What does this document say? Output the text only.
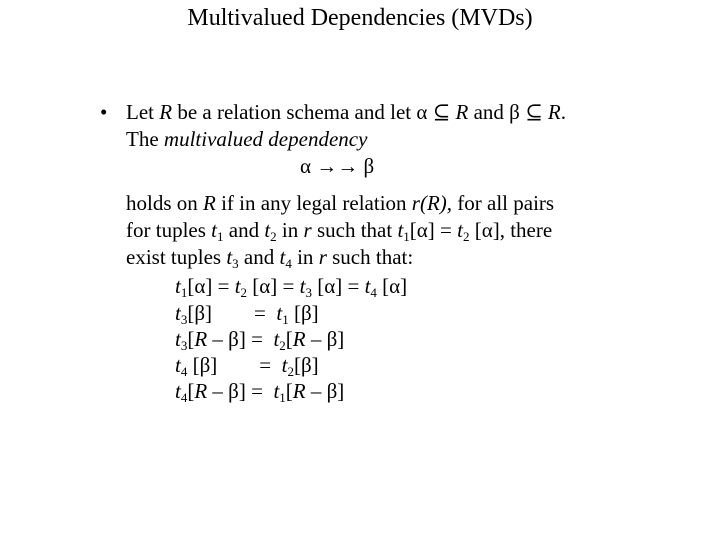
Multivalued Dependencies (MVDs)
• Let R be a relation schema and let α ⊆ R and β ⊆ R.
The multivalued dependency
α →→ β
holds on R if in any legal relation r(R), for all pairs
for tuples $t_1$ and $t_2$ in r such that $t_1[\alpha] = t_2$ [α], there
exist tuples $t_3$ and $t_4$ in r such that:
$t_1[\alpha] = t_2$ $[\alpha] = t_3$ $[\alpha] = t_4$ [α]
$t_3[\beta]$        =  $t_1$ [β]
$t_3[R - \beta] = t_2[R - \beta]$
$t_4$ [β]        =  $t_2[\beta]$
$t_4[R - \beta] = t_1[R - \beta]$
